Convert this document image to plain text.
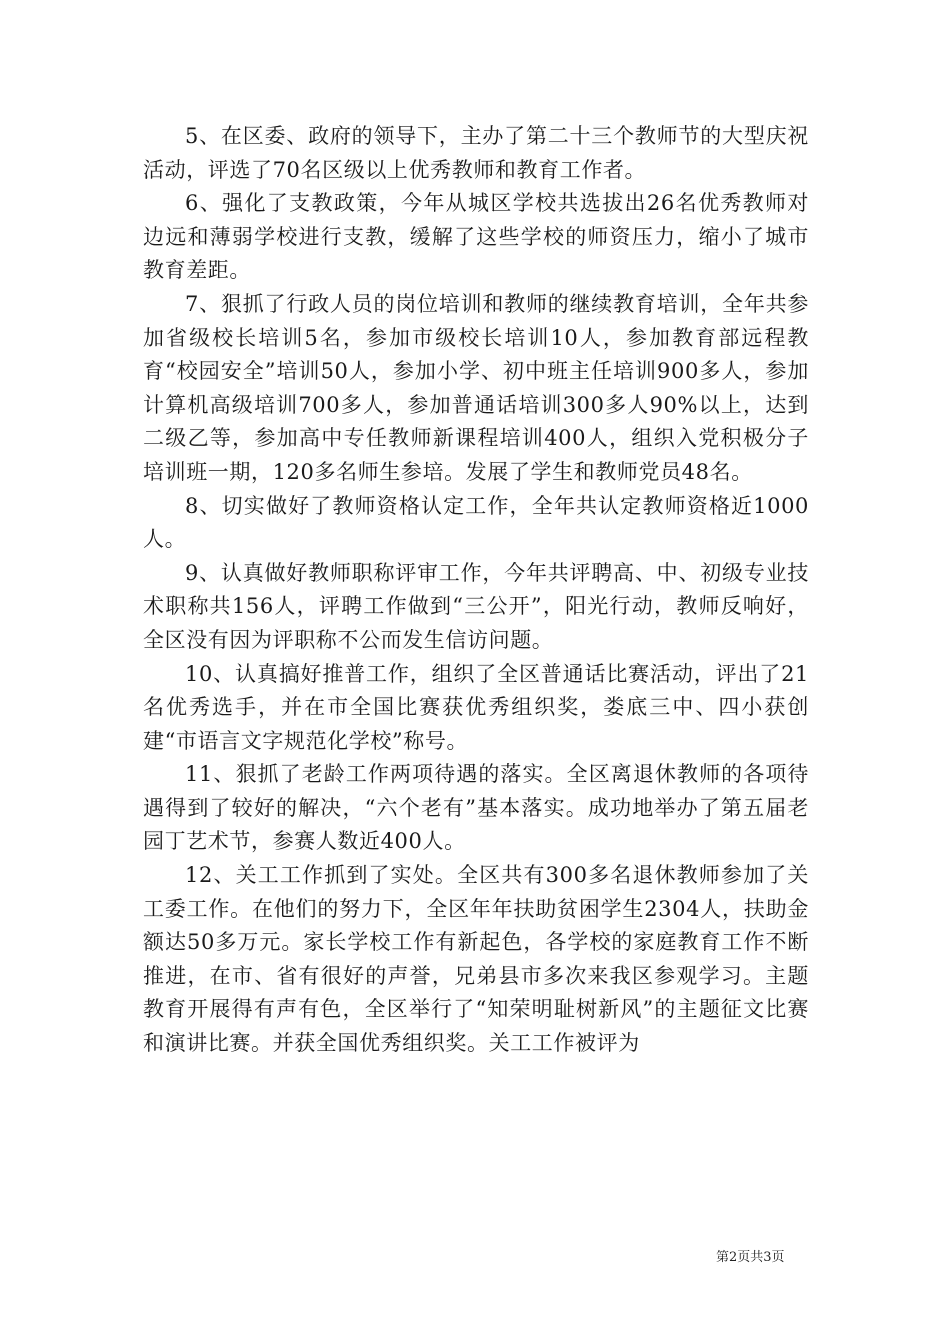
5、在区委、政府的领导下，主办了第二十三个教师节的大型庆祝活动，评选了70名区级以上优秀教师和教育工作者。

6、强化了支教政策，今年从城区学校共选拔出26名优秀教师对边远和薄弱学校进行支教，缓解了这些学校的师资压力，缩小了城市教育差距。

7、狠抓了行政人员的岗位培训和教师的继续教育培训，全年共参加省级校长培训5名，参加市级校长培训10人，参加教育部远程教育“校园安全”培训50人，参加小学、初中班主任培训900多人，参加计算机高级培训700多人，参加普通话培训300多人90%以上，达到二级乙等，参加高中专任教师新课程培训400人，组织入党积极分子培训班一期，120多名师生参培。发展了学生和教师党员48名。

8、切实做好了教师资格认定工作，全年共认定教师资格近1000人。

9、认真做好教师职称评审工作，今年共评聘高、中、初级专业技术职称共156人，评聘工作做到“三公开”，阳光行动，教师反响好，全区没有因为评职称不公而发生信访问题。

10、认真搞好推普工作，组织了全区普通话比赛活动，评出了21名优秀选手，并在市全国比赛获优秀组织奖，娄底三中、四小获创建“市语言文字规范化学校”称号。

11、狠抓了老龄工作两项待遇的落实。全区离退休教师的各项待遇得到了较好的解决，“六个老有”基本落实。成功地举办了第五届老园丁艺术节，参赛人数近400人。

12、关工工作抓到了实处。全区共有300多名退休教师参加了关工委工作。在他们的努力下，全区年年扶助贫困学生2304人，扶助金额达50多万元。家长学校工作有新起色，各学校的家庭教育工作不断推进，在市、省有很好的声誉，兄弟县市多次来我区参观学习。主题教育开展得有声有色，全区举行了“知荣明耻树新风”的主题征文比赛和演讲比赛。并获全国优秀组织奖。关工工作被评为

第2页共3页
